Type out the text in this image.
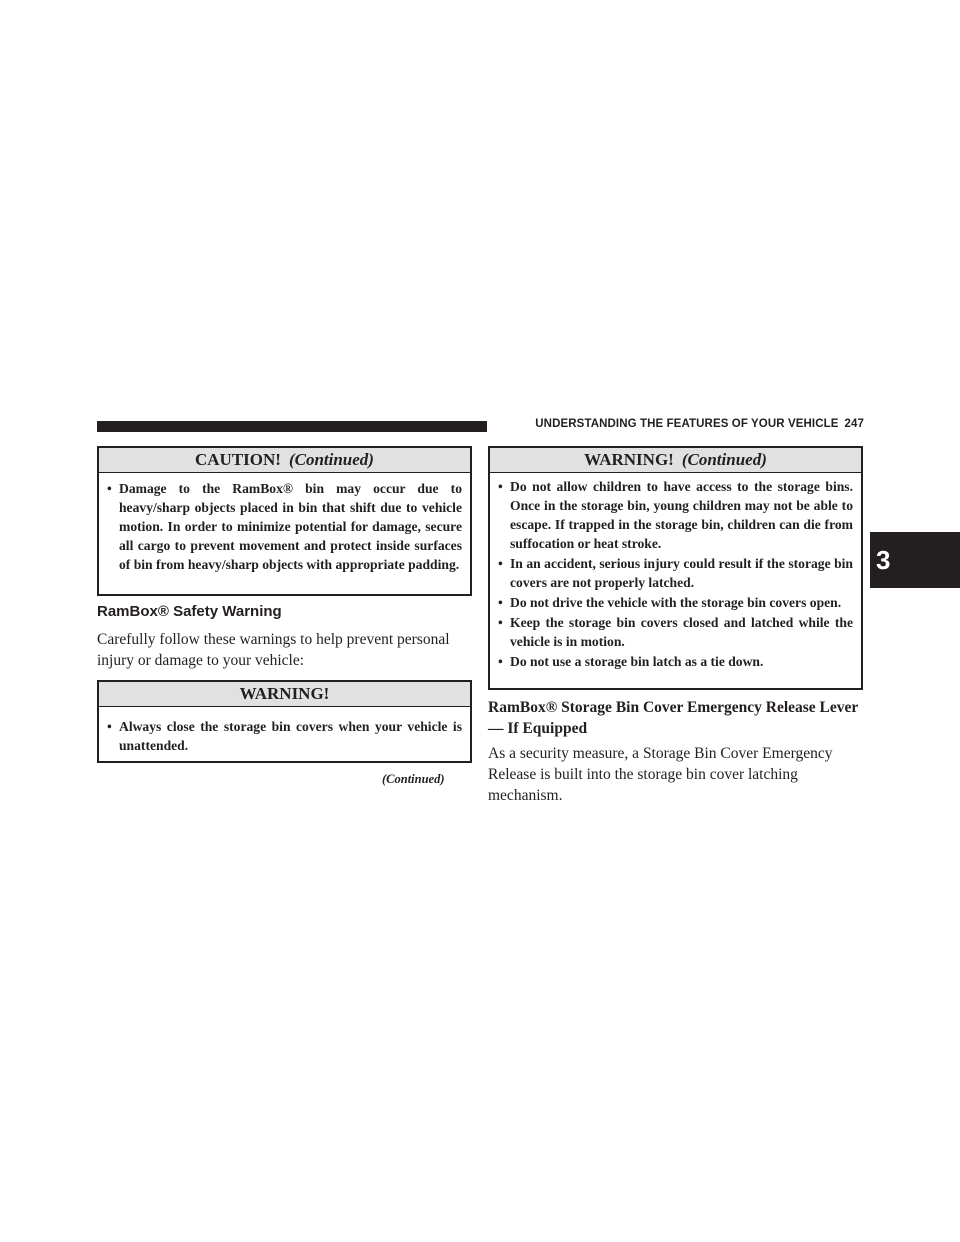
UNDERSTANDING THE FEATURES OF YOUR VEHICLE 247
3
CAUTION! (Continued)
• Damage to the RamBox® bin may occur due to heavy/sharp objects placed in bin that shift due to vehicle motion. In order to minimize potential for damage, secure all cargo to prevent movement and protect inside surfaces of bin from heavy/sharp objects with appropriate padding.
RamBox® Safety Warning
Carefully follow these warnings to help prevent personal injury or damage to your vehicle:
WARNING!
• Always close the storage bin covers when your vehicle is unattended.
(Continued)
WARNING! (Continued)
• Do not allow children to have access to the storage bins. Once in the storage bin, young children may not be able to escape. If trapped in the storage bin, children can die from suffocation or heat stroke.
• In an accident, serious injury could result if the storage bin covers are not properly latched.
• Do not drive the vehicle with the storage bin covers open.
• Keep the storage bin covers closed and latched while the vehicle is in motion.
• Do not use a storage bin latch as a tie down.
RamBox® Storage Bin Cover Emergency Release Lever — If Equipped
As a security measure, a Storage Bin Cover Emergency Release is built into the storage bin cover latching mechanism.
